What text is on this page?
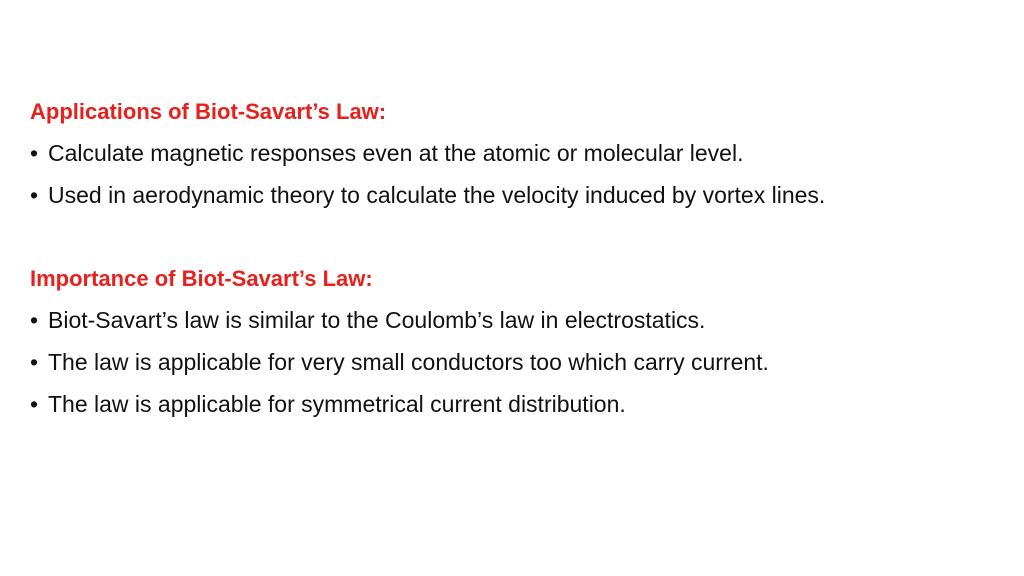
Applications of Biot-Savart’s Law:
• Calculate magnetic responses even at the atomic or molecular level.
• Used in aerodynamic theory to calculate the velocity induced by vortex lines.
Importance of Biot-Savart’s Law:
• Biot-Savart’s law is similar to the Coulomb’s law in electrostatics.
• The law is applicable for very small conductors too which carry current.
• The law is applicable for symmetrical current distribution.
